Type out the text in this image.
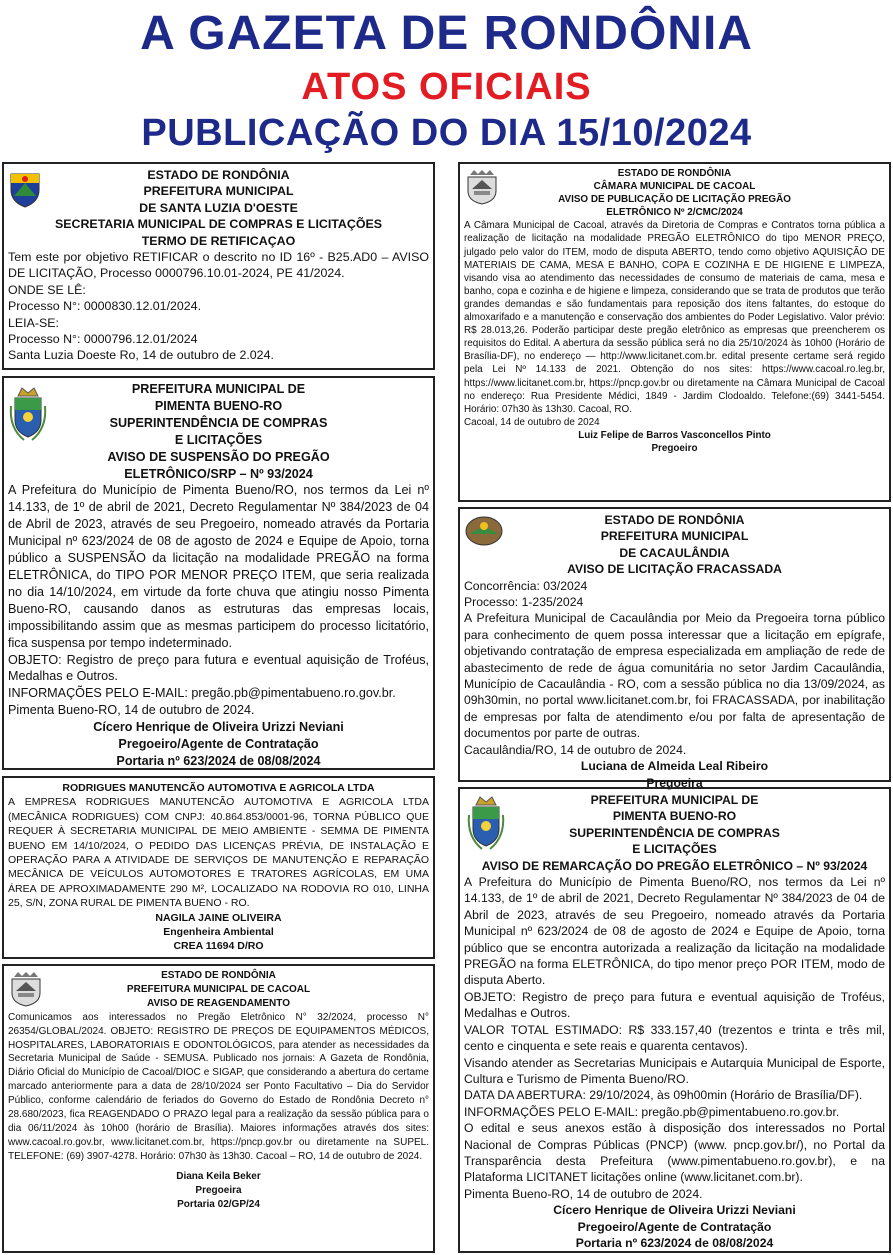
A GAZETA DE RONDÔNIA
ATOS OFICIAIS
PUBLICAÇÃO DO DIA 15/10/2024
ESTADO DE RONDÔNIA
PREFEITURA MUNICIPAL
DE SANTA LUZIA D'OESTE
SECRETARIA MUNICIPAL DE COMPRAS E LICITAÇÕES
TERMO DE RETIFICAÇAO

Tem este por objetivo RETIFICAR o descrito no ID 16º - B25.AD0 – AVISO DE LICITAÇÃO, Processo 0000796.10.01-2024, PE 41/2024.

ONDE SE LÊ:

Processo N°: 0000830.12.01/2024.

LEIA-SE:

Processo N°: 0000796.12.01/2024

Santa Luzia Doeste Ro, 14 de outubro de 2.024.

PREFEITURA MUNICIPAL DE
PIMENTA BUENO-RO
SUPERINTENDÊNCIA DE COMPRAS
E LICITAÇÕES
AVISO DE SUSPENSÃO DO PREGÃO
ELETRÔNICO/SRP – Nº 93/2024

A Prefeitura do Município de Pimenta Bueno/RO, nos termos da Lei nº 14.133, de 1º de abril de 2021, Decreto Regulamentar Nº 384/2023 de 04 de Abril de 2023, através de seu Pregoeiro, nomeado através da Portaria Municipal nº 623/2024 de 08 de agosto de 2024 e Equipe de Apoio, torna público a SUSPENSÃO da licitação na modalidade PREGÃO na forma ELETRÔNICA, do TIPO POR MENOR PREÇO ITEM, que seria realizada no dia 14/10/2024, em virtude da forte chuva que atingiu nosso Pimenta Bueno-RO, causando danos as estruturas das empresas locais, impossibilitando assim que as mesmas participem do processo licitatório, fica suspensa por tempo indeterminado.

OBJETO: Registro de preço para futura e eventual aquisição de Troféus, Medalhas e Outros.

INFORMAÇÕES PELO E-MAIL: pregão.pb@pimentabueno.ro.gov.br.

Pimenta Bueno-RO, 14 de outubro de 2024.

Cícero Henrique de Oliveira Urizzi Neviani
Pregoeiro/Agente de Contratação
Portaria nº 623/2024 de 08/08/2024
RODRIGUES MANUTENCÃO AUTOMOTIVA E AGRICOLA LTDA

A EMPRESA RODRIGUES MANUTENCÃO AUTOMOTIVA E AGRICOLA LTDA (MECÂNICA RODRIGUES) COM CNPJ: 40.864.853/0001-96, TORNA PÚBLICO QUE REQUER À SECRETARIA MUNICIPAL DE MEIO AMBIENTE - SEMMA DE PIMENTA BUENO EM 14/10/2024, O PEDIDO DAS LICENÇAS PRÉVIA, DE INSTALAÇÃO E OPERAÇÃO PARA A ATIVIDADE DE SERVIÇOS DE MANUTENÇÃO E REPARAÇÃO MECÂNICA DE VEÍCULOS AUTOMOTORES E TRATORES AGRÍCOLAS, EM UMA ÁREA DE APROXIMADAMENTE 290 M², LOCALIZADO NA RODOVIA RO 010, LINHA 25, S/N, ZONA RURAL DE PIMENTA BUENO - RO.

NAGILA JAINE OLIVEIRA
Engenheira Ambiental
CREA 11694 D/RO
ESTADO DE RONDÔNIA
PREFEITURA MUNICIPAL DE CACOAL
AVISO DE REAGENDAMENTO

Comunicamos aos interessados no Pregão Eletrônico N° 32/2024, processo N° 26354/GLOBAL/2024. OBJETO: REGISTRO DE PREÇOS DE EQUIPAMENTOS MÉDICOS, HOSPITALARES, LABORATORIAIS E ODONTOLÓGICOS, para atender as necessidades da Secretaria Municipal de Saúde - SEMUSA. Publicado nos jornais: A Gazeta de Rondônia, Diário Oficial do Município de Cacoal/DIOC e SIGAP, que considerando a abertura do certame marcado anteriormente para a data de 28/10/2024 ser Ponto Facultativo – Dia do Servidor Público, conforme calendário de feriados do Governo do Estado de Rondônia Decreto n° 28.680/2023, fica REAGENDADO O PRAZO legal para a realização da sessão pública para o dia 06/11/2024 às 10h00 (horário de Brasília). Maiores informações através dos sites: www.cacoal.ro.gov.br, www.licitanet.com.br, https://pncp.gov.br ou diretamente na SUPEL. TELEFONE: (69) 3907-4278. Horário: 07h30 às 13h30. Cacoal – RO, 14 de outubro de 2024.

Diana Keila Beker
Pregoeira
Portaria 02/GP/24
ESTADO DE RONDÔNIA
CÂMARA MUNICIPAL DE CACOAL
AVISO DE PUBLICAÇÃO DE LICITAÇÃO PREGÃO
ELETRÔNICO Nº 2/CMC/2024

A Câmara Municipal de Cacoal, através da Diretoria de Compras e Contratos torna pública a realização de licitação na modalidade PREGÃO ELETRÔNICO do tipo MENOR PREÇO, julgado pelo valor do ITEM, modo de disputa ABERTO, tendo como objetivo AQUISIÇÃO DE MATERIAIS DE CAMA, MESA E BANHO, COPA E COZINHA E DE HIGIENE E LIMPEZA, visando visa ao atendimento das necessidades de consumo de materiais de cama, mesa e banho, copa e cozinha e de higiene e limpeza, considerando que se trata de produtos que terão grandes demandas e são fundamentais para reposição dos itens faltantes, do estoque do almoxarifado e a manutenção e conservação dos ambientes do Poder Legislativo. Valor prévio: R$ 28.013,26. Poderão participar deste pregão eletrônico as empresas que preencherem os requisitos do Edital. A abertura da sessão pública será no dia 25/10/2024 às 10h00 (Horário de Brasília-DF), no endereço — http://www.licitanet.com.br. edital presente certame será regido pela Lei Nº 14.133 de 2021. Obtenção do nos sites: https://www.cacoal.ro.leg.br, https://www.licitanet.com.br, https://pncp.gov.br ou diretamente na Câmara Municipal de Cacoal no endereço: Rua Presidente Médici, 1849 - Jardim Clodoaldo. Telefone:(69) 3441-5454. Horário: 07h30 às 13h30. Cacoal, RO.

Cacoal, 14 de outubro de 2024

Luiz Felipe de Barros Vasconcellos Pinto
Pregoeiro
ESTADO DE RONDÔNIA
PREFEITURA MUNICIPAL
DE CACAULÂNDIA
AVISO DE LICITAÇÃO FRACASSADA

Concorrência: 03/2024

Processo: 1-235/2024

A Prefeitura Municipal de Cacaulândia por Meio da Pregoeira torna público para conhecimento de quem possa interessar que a licitação em epígrafe, objetivando contratação de empresa especializada em ampliação de rede de abastecimento de rede de água comunitária no setor Jardim Cacaulândia, Município de Cacaulândia - RO, com a sessão pública no dia 13/09/2024, as 09h30min, no portal www.licitanet.com.br, foi FRACASSADA, por inabilitação de empresas por falta de atendimento e/ou por falta de apresentação de documentos por parte de outras.

Cacaulândia/RO, 14 de outubro de 2024.

Luciana de Almeida Leal Ribeiro
Pregoeira
PREFEITURA MUNICIPAL DE
PIMENTA BUENO-RO
SUPERINTENDÊNCIA DE COMPRAS
E LICITAÇÕES
AVISO DE REMARCAÇÃO DO PREGÃO ELETRÔNICO – Nº 93/2024

A Prefeitura do Município de Pimenta Bueno/RO, nos termos da Lei nº 14.133, de 1º de abril de 2021, Decreto Regulamentar Nº 384/2023 de 04 de Abril de 2023, através de seu Pregoeiro, nomeado através da Portaria Municipal nº 623/2024 de 08 de agosto de 2024 e Equipe de Apoio, torna público que se encontra autorizada a realização da licitação na modalidade PREGÃO na forma ELETRÔNICA, do tipo menor preço POR ITEM, modo de disputa Aberto.

OBJETO: Registro de preço para futura e eventual aquisição de Troféus, Medalhas e Outros.

VALOR TOTAL ESTIMADO: R$ 333.157,40 (trezentos e trinta e três mil, cento e cinquenta e sete reais e quarenta centavos).

Visando atender as Secretarias Municipais e Autarquia Municipal de Esporte, Cultura e Turismo de Pimenta Bueno/RO.

DATA DA ABERTURA: 29/10/2024, às 09h00min (Horário de Brasília/DF).

INFORMAÇÕES PELO E-MAIL: pregão.pb@pimentabueno.ro.gov.br.

O edital e seus anexos estão à disposição dos interessados no Portal Nacional de Compras Públicas (PNCP) (www. pncp.gov.br/), no Portal da Transparência desta Prefeitura (www.pimentabueno.ro.gov.br), e na Plataforma LICITANET licitações online (www.licitanet.com.br).

Pimenta Bueno-RO, 14 de outubro de 2024.

Cícero Henrique de Oliveira Urizzi Neviani
Pregoeiro/Agente de Contratação
Portaria nº 623/2024 de 08/08/2024
